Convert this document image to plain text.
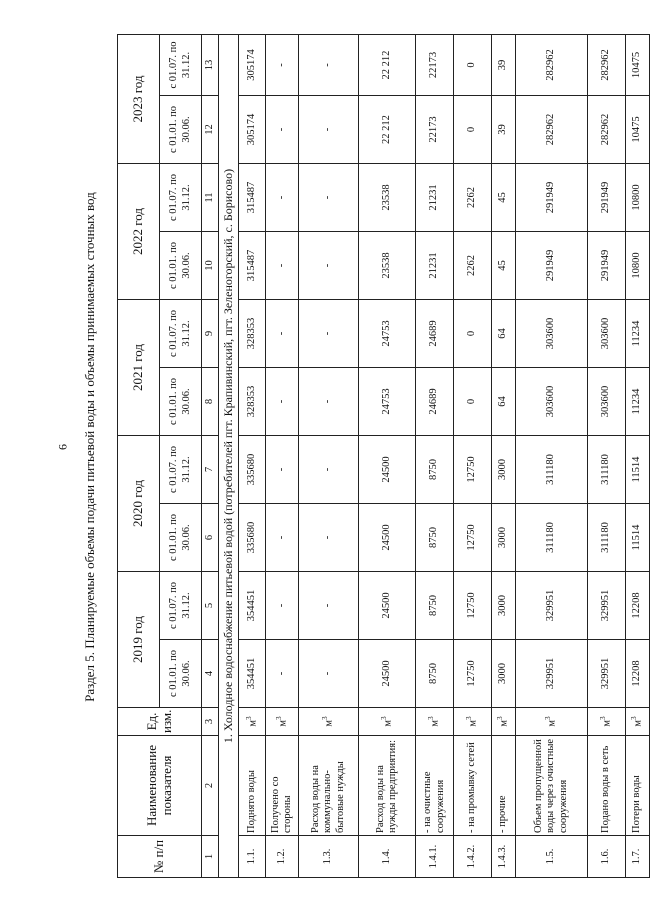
6 Раздел 5. Планируемые объемы подачи питьевой воды и объемы принимаемых сточных вод
№ п/п	Наименование показателя	Ед. изм.	2019 год		2020 год		2021 год		2022 год		2023 год	
			с 01.01. по 30.06.	с 01.07. по 31.12.	с 01.01. по 30.06.	с 01.07. по 31.12.	с 01.01. по 30.06.	с 01.07. по 31.12.	с 01.01. по 30.06.	с 01.07. по 31.12.	с 01.01. по 30.06.	с 01.07. по 31.12.
1	2	3	4	5	6	7	8	9	10	11	12	13
1. Холодное водоснабжение питьевой водой (потребителей пгт. Крапивинский, пгт. Зеленогорский, с. Борисово)												
1.1.	Поднято воды	$м^3$	354451	354451	335680	335680	328353	328353	315487	315487	305174	305174
1.2.	Получено со стороны	$м^3$	-	-	-	-	-	-	-	-	-	-
1.3.	Расход воды на коммунально-бытовые нужды	$м^3$	-	-	-	-	-	-	-	-	-	-
1.4.	Расход воды на нужды предприятия:	$м^3$	24500	24500	24500	24500	24753	24753	23538	23538	22 212	22 212
1.4.1.	- на очистные сооружения	$м^3$	8750	8750	8750	8750	24689	24689	21231	21231	22173	22173
1.4.2.	- на промывку сетей	$м^3$	12750	12750	12750	12750	0	0	2262	2262	0	0
1.4.3.	- прочие	$м^3$	3000	3000	3000	3000	64	64	45	45	39	39
1.5.	Объем пропущенной воды через очистные сооружения	$м^3$	329951	329951	311180	311180	303600	303600	291949	291949	282962	282962
1.6.	Подано воды в сеть	$м^3$	329951	329951	311180	311180	303600	303600	291949	291949	282962	282962
1.7.	Потери воды	$м^3$	12208	12208	11514	11514	11234	11234	10800	10800	10475	10475
